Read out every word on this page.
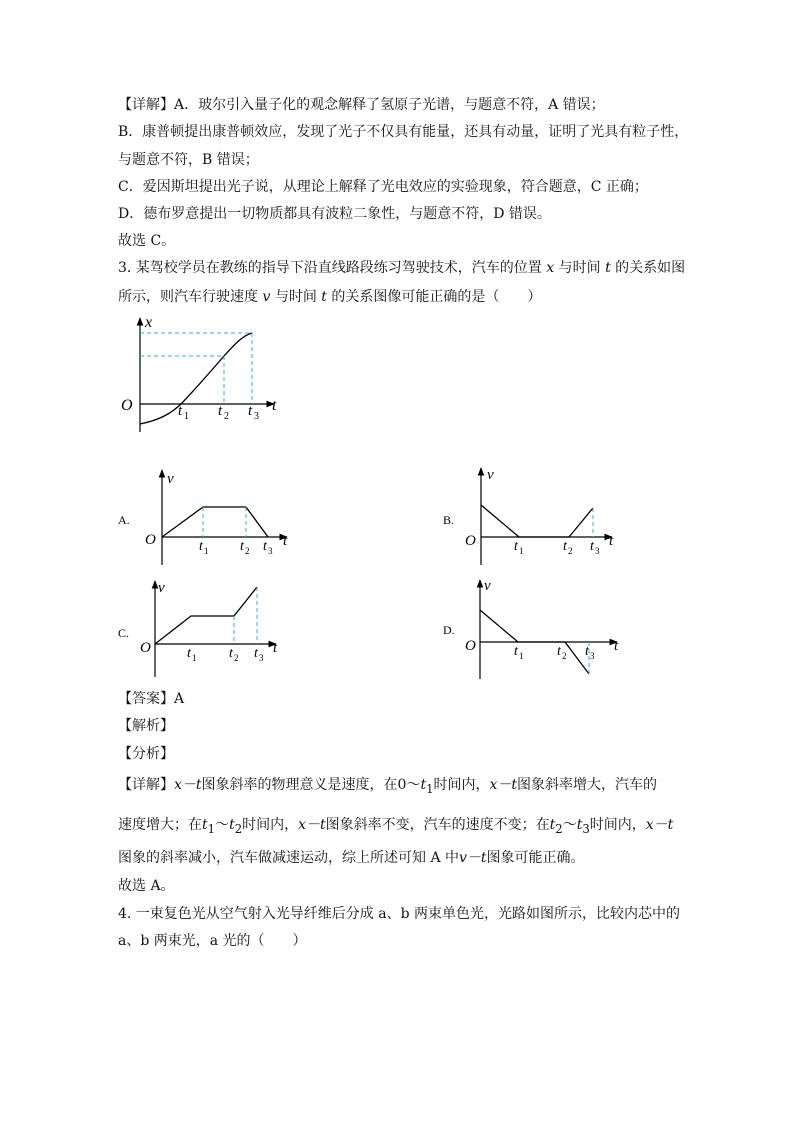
【详解】A．玻尔引入量子化的观念解释了氢原子光谱，与题意不符，A 错误；
B．康普顿提出康普顿效应，发现了光子不仅具有能量，还具有动量，证明了光具有粒子性，
与题意不符，B 错误；
C．爱因斯坦提出光子说，从理论上解释了光电效应的实验现象，符合题意，C 正确；
D．德布罗意提出一切物质都具有波粒二象性，与题意不符，D 错误。
故选 C。
3. 某驾校学员在教练的指导下沿直线路段练习驾驶技术，汽车的位置 x 与时间 t 的关系如图
所示，则汽车行驶速度 v 与时间 t 的关系图像可能正确的是（　　）
x
O	t
t 1 t 2 t 3
A.
v
O	t
t 1 t 2 t 3
B.
v
O	t
t 1	t 2 t 3
C.
v
O	t
t 1 t 2 t 3
D.
v
O	t
t 1 t 2 t 3
【答案】A
【解析】
【分析】
【详解】x－t图象斜率的物理意义是速度，在$0\sim t_1$时间内，x－t图象斜率增大，汽车的
速度增大；在$t_1\sim t_2$时间内，x－t图象斜率不变，汽车的速度不变；在$t_2\sim t_3$时间内，x－t
图象的斜率减小，汽车做减速运动，综上所述可知 A 中v－t图象可能正确。
故选 A。
4. 一束复色光从空气射入光导纤维后分成 a、b 两束单色光，光路如图所示，比较内芯中的
a、b 两束光，a 光的（　　）
